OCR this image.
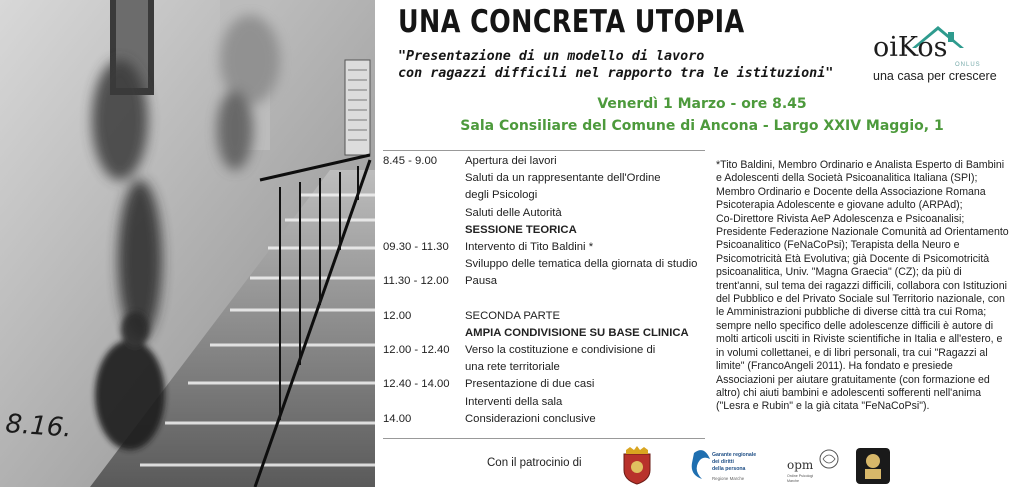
8.16.
UNA CONCRETA UTOPIA
"Presentazione di un modello di lavoro
con ragazzi difficili nel rapporto tra le istituzioni"
oiKos
ONLUS
una casa per crescere
Venerdì 1 Marzo - ore 8.45
Sala Consiliare del Comune di Ancona - Largo XXIV Maggio, 1
8.45 - 9.00	Apertura dei lavori
Saluti da un rappresentante dell'Ordine
degli Psicologi
Saluti delle Autorità
SESSIONE TEORICA
09.30 - 11.30	Intervento di Tito Baldini *
Sviluppo delle tematica della giornata di studio
11.30 - 12.00	Pausa
12.00	SECONDA PARTE
AMPIA CONDIVISIONE SU BASE CLINICA
12.00 - 12.40	Verso la costituzione e condivisione di
una rete territoriale
12.40 - 14.00	Presentazione di due casi
Interventi della sala
14.00	Considerazioni conclusive
*Tito Baldini, Membro Ordinario e Analista Esperto di Bambini
e Adolescenti della Società Psicoanalitica Italiana (SPI);
Membro Ordinario e Docente della Associazione Romana
Psicoterapia Adolescente e giovane adulto (ARPAd);
Co-Direttore Rivista AeP Adolescenza e Psicoanalisi;
Presidente Federazione Nazionale Comunità ad Orientamento
Psicoanalitico (FeNaCoPsi); Terapista della Neuro e
Psicomotricità Età Evolutiva; già Docente di Psicomotricità
psicoanalitica, Univ. "Magna Graecia" (CZ); da più di
trent'anni, sul tema dei ragazzi difficili, collabora con Istituzioni
del Pubblico e del Privato Sociale sul Territorio nazionale, con
le Amministrazioni pubbliche di diverse città tra cui Roma;
sempre nello specifico delle adolescenze difficili è autore di
molti articoli usciti in Riviste scientifiche in Italia e all'estero, e
in volumi collettanei, e di libri personali, tra cui "Ragazzi al
limite" (FrancoAngeli 2011). Ha fondato e presiede
Associazioni per aiutare gratuitamente (con formazione ed
altro) chi aiuti bambini e adolescenti sofferenti nell'anima
("Lesra e Rubin" e la già citata "FeNaCoPsi").
Con il patrocinio di
Garante regionale
dei diritti
della persona
Regione Marche
opm
Ordine Psicologi
Marche
